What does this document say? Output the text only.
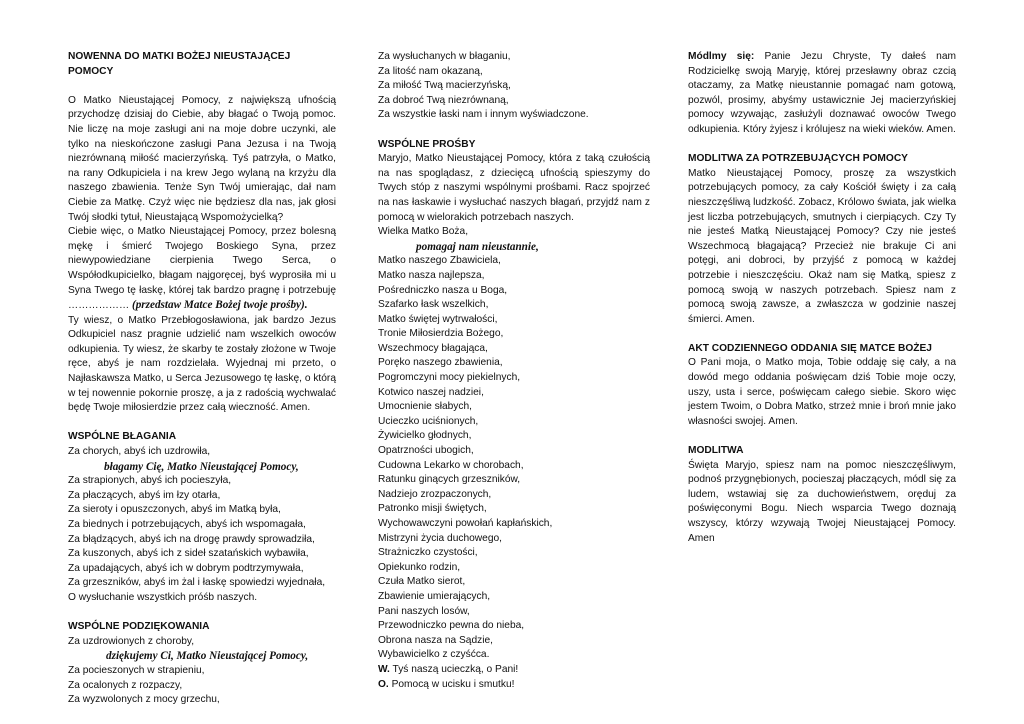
NOWENNA DO MATKI BOŻEJ NIEUSTAJĄCEJ POMOCY

O Matko Nieustającej Pomocy, z największą ufnością przychodzę dzisiaj do Ciebie, aby błagać o Twoją pomoc. Nie liczę na moje zasługi ani na moje dobre uczynki, ale tylko na nieskończone zasługi Pana Jezusa i na Twoją niezrównaną miłość macierzyńską. Tyś patrzyła, o Matko, na rany Odkupiciela i na krew Jego wylaną na krzyżu dla naszego zbawienia. Tenże Syn Twój umierając, dał nam Ciebie za Matkę. Czyż więc nie będziesz dla nas, jak głosi Twój słodki tytuł, Nieustającą Wspomożycielką?

Ciebie więc, o Matko Nieustającej Pomocy, przez bolesną mękę i śmierć Twojego Boskiego Syna, przez niewypowiedziane cierpienia Twego Serca, o Współodkupicielko, błagam najgoręcej, byś wyprosiła mi u Syna Twego tę łaskę, której tak bardzo pragnę i potrzebuję ……………… (przedstaw Matce Bożej twoje prośby).

Ty wiesz, o Matko Przebłogosławiona, jak bardzo Jezus Odkupiciel nasz pragnie udzielić nam wszelkich owoców odkupienia. Ty wiesz, że skarby te zostały złożone w Twoje ręce, abyś je nam rozdzielała. Wyjednaj mi przeto, o Najłaskawsza Matko, u Serca Jezusowego tę łaskę, o którą w tej nowennie pokornie proszę, a ja z radością wychwalać będę Twoje miłosierdzie przez całą wieczność. Amen.

WSPÓLNE BŁAGANIA

Za chorych, abyś ich uzdrowiła,
błagamy Cię, Matko Nieustającej Pomocy,
Za strapionych, abyś ich pocieszyła,
Za płaczących, abyś im łzy otarła,
Za sieroty i opuszczonych, abyś im Matką była,
Za biednych i potrzebujących, abyś ich wspomagała,
Za błądzących, abyś ich na drogę prawdy sprowadziła,
Za kuszonych, abyś ich z sideł szatańskich wybawiła,
Za upadających, abyś ich w dobrym podtrzymywała,
Za grzeszników, abyś im żal i łaskę spowiedzi wyjednała,
O wysłuchanie wszystkich próśb naszych.

WSPÓLNE PODZIĘKOWANIA

Za uzdrowionych z choroby,
dziękujemy Ci, Matko Nieustającej Pomocy,
Za pocieszonych w strapieniu,
Za ocalonych z rozpaczy,
Za wyzwolonych z mocy grzechu,
Za wysłuchanych w błaganiu,
Za litość nam okazaną,
Za miłość Twą macierzyńską,
Za dobroć Twą niezrównaną,
Za wszystkie łaski nam i innym wyświadczone.

WSPÓLNE PROŚBY

Maryjo, Matko Nieustającej Pomocy, która z taką czułością na nas spoglądasz, z dziecięcą ufnością spieszymy do Twych stóp z naszymi wspólnymi prośbami. Racz spojrzeć na nas łaskawie i wysłuchać naszych błagań, przyjdź nam z pomocą w wielorakich potrzebach naszych.

Wielka Matko Boża,
pomagaj nam nieustannie,
Matko naszego Zbawiciela,
Matko nasza najlepsza,
Pośredniczko nasza u Boga,
Szafarko łask wszelkich,
Matko świętej wytrwałości,
Tronie Miłosierdzia Bożego,
Wszechmocy błagająca,
Poręko naszego zbawienia,
Pogromczyni mocy piekielnych,
Kotwico naszej nadziei,
Umocnienie słabych,
Ucieczko uciśnionych,
Żywicielko głodnych,
Opatrzności ubogich,
Cudowna Lekarko w chorobach,
Ratunku ginących grzeszników,
Nadziejo zrozpaczonych,
Patronko misji świętych,
Wychowawczyni powołań kapłańskich,
Mistrzyni życia duchowego,
Strażniczko czystości,
Opiekunko rodzin,
Czuła Matko sierot,
Zbawienie umierających,
Pani naszych losów,
Przewodniczko pewna do nieba,
Obrona nasza na Sądzie,
Wybawicielko z czyśćca.
W. Tyś naszą ucieczką, o Pani!
O. Pomocą w ucisku i smutku!

Módlmy się: Panie Jezu Chryste, Ty dałeś nam Rodzicielkę swoją Maryję, której przesławny obraz czcią otaczamy, za Matkę nieustannie pomagać nam gotową, pozwól, prosimy, abyśmy ustawicznie Jej macierzyńskiej pomocy wzywając, zasłużyli doznawać owoców Twego odkupienia. Który żyjesz i królujesz na wieki wieków. Amen.

MODLITWA ZA POTRZEBUJĄCYCH POMOCY

Matko Nieustającej Pomocy, proszę za wszystkich potrzebujących pomocy, za cały Kościół święty i za całą nieszczęśliwą ludzkość. Zobacz, Królowo świata, jak wielka jest liczba potrzebujących, smutnych i cierpiących. Czy Ty nie jesteś Matką Nieustającej Pomocy? Czy nie jesteś Wszechmocą błagającą? Przecież nie brakuje Ci ani potęgi, ani dobroci, by przyjść z pomocą w każdej potrzebie i nieszczęściu. Okaż nam się Matką, spiesz z pomocą swoją w naszych potrzebach. Spiesz nam z pomocą swoją zawsze, a zwłaszcza w godzinie naszej śmierci. Amen.

AKT CODZIENNEGO ODDANIA SIĘ MATCE BOŻEJ

O Pani moja, o Matko moja, Tobie oddaję się cały, a na dowód mego oddania poświęcam dziś Tobie moje oczy, uszy, usta i serce, poświęcam całego siebie. Skoro więc jestem Twoim, o Dobra Matko, strzeż mnie i broń mnie jako własności swojej. Amen.

MODLITWA

Święta Maryjo, spiesz nam na pomoc nieszczęśliwym, podnoś przygnębionych, pocieszaj płaczących, módl się za ludem, wstawiaj się za duchowieństwem, oręduj za poświęconymi Bogu. Niech wsparcia Twego doznają wszyscy, którzy wzywają Twojej Nieustającej Pomocy. Amen
